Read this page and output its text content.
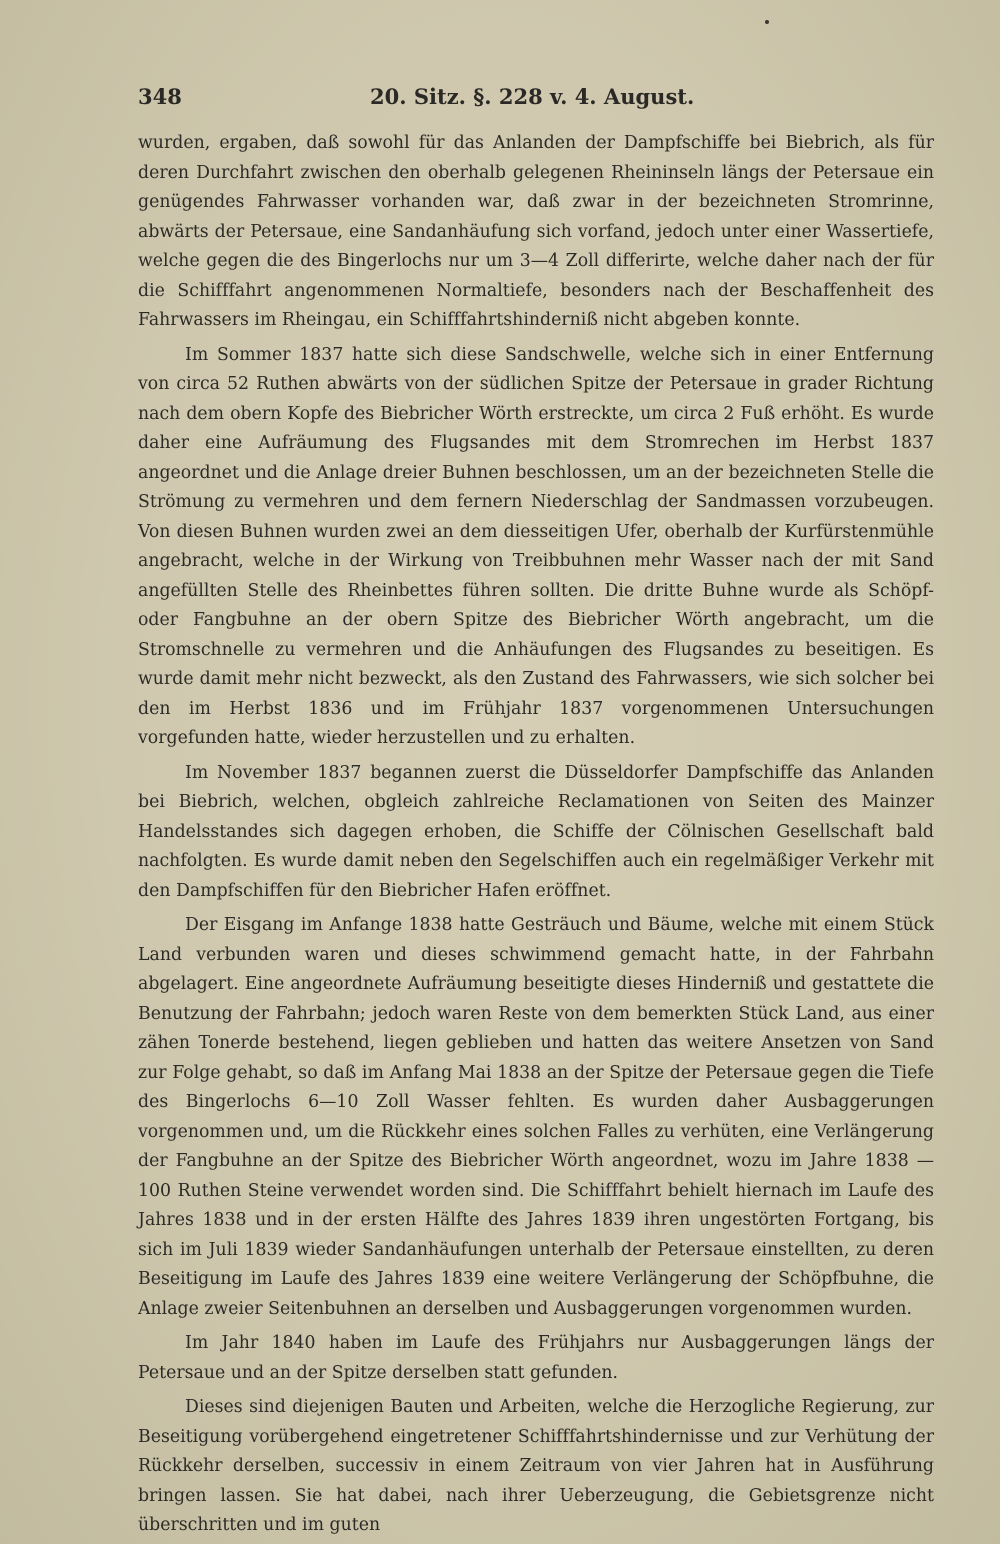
348	20. Sitz. §. 228 v. 4. August.

wurden, ergaben, daß sowohl für das Anlanden der Dampfschiffe bei Biebrich, als für deren Durchfahrt zwischen den oberhalb gelegenen Rheininseln längs der Petersaue ein genügendes Fahrwasser vorhanden war, daß zwar in der bezeichneten Stromrinne, abwärts der Petersaue, eine Sandanhäufung sich vorfand, jedoch unter einer Wassertiefe, welche gegen die des Bingerlochs nur um 3—4 Zoll differirte, welche daher nach der für die Schifffahrt angenommenen Normaltiefe, besonders nach der Beschaffenheit des Fahrwassers im Rheingau, ein Schifffahrtshinderniß nicht abgeben konnte.

Im Sommer 1837 hatte sich diese Sandschwelle, welche sich in einer Entfernung von circa 52 Ruthen abwärts von der südlichen Spitze der Petersaue in grader Richtung nach dem obern Kopfe des Biebricher Wörth erstreckte, um circa 2 Fuß erhöht. Es wurde daher eine Aufräumung des Flugsandes mit dem Stromrechen im Herbst 1837 angeordnet und die Anlage dreier Buhnen beschlossen, um an der bezeichneten Stelle die Strömung zu vermehren und dem fernern Niederschlag der Sandmassen vorzubeugen. Von diesen Buhnen wurden zwei an dem diesseitigen Ufer, oberhalb der Kurfürstenmühle angebracht, welche in der Wirkung von Treibbuhnen mehr Wasser nach der mit Sand angefüllten Stelle des Rheinbettes führen sollten. Die dritte Buhne wurde als Schöpf- oder Fangbuhne an der obern Spitze des Biebricher Wörth angebracht, um die Stromschnelle zu vermehren und die Anhäufungen des Flugsandes zu beseitigen. Es wurde damit mehr nicht bezweckt, als den Zustand des Fahrwassers, wie sich solcher bei den im Herbst 1836 und im Frühjahr 1837 vorgenommenen Untersuchungen vorgefunden hatte, wieder herzustellen und zu erhalten.

Im November 1837 begannen zuerst die Düsseldorfer Dampfschiffe das Anlanden bei Biebrich, welchen, obgleich zahlreiche Reclamationen von Seiten des Mainzer Handelsstandes sich dagegen erhoben, die Schiffe der Cölnischen Gesellschaft bald nachfolgten. Es wurde damit neben den Segelschiffen auch ein regelmäßiger Verkehr mit den Dampfschiffen für den Biebricher Hafen eröffnet.

Der Eisgang im Anfange 1838 hatte Gesträuch und Bäume, welche mit einem Stück Land verbunden waren und dieses schwimmend gemacht hatte, in der Fahrbahn abgelagert. Eine angeordnete Aufräumung beseitigte dieses Hinderniß und gestattete die Benutzung der Fahrbahn; jedoch waren Reste von dem bemerkten Stück Land, aus einer zähen Tonerde bestehend, liegen geblieben und hatten das weitere Ansetzen von Sand zur Folge gehabt, so daß im Anfang Mai 1838 an der Spitze der Petersaue gegen die Tiefe des Bingerlochs 6—10 Zoll Wasser fehlten. Es wurden daher Ausbaggerungen vorgenommen und, um die Rückkehr eines solchen Falles zu verhüten, eine Verlängerung der Fangbuhne an der Spitze des Biebricher Wörth angeordnet, wozu im Jahre 1838 — 100 Ruthen Steine verwendet worden sind. Die Schifffahrt behielt hiernach im Laufe des Jahres 1838 und in der ersten Hälfte des Jahres 1839 ihren ungestörten Fortgang, bis sich im Juli 1839 wieder Sandanhäufungen unterhalb der Petersaue einstellten, zu deren Beseitigung im Laufe des Jahres 1839 eine weitere Verlängerung der Schöpfbuhne, die Anlage zweier Seitenbuhnen an derselben und Ausbaggerungen vorgenommen wurden.

Im Jahr 1840 haben im Laufe des Frühjahrs nur Ausbaggerungen längs der Petersaue und an der Spitze derselben statt gefunden.

Dieses sind diejenigen Bauten und Arbeiten, welche die Herzogliche Regierung, zur Beseitigung vorübergehend eingetretener Schifffahrtshindernisse und zur Verhütung der Rückkehr derselben, successiv in einem Zeitraum von vier Jahren hat in Ausführung bringen lassen. Sie hat dabei, nach ihrer Ueberzeugung, die Gebietsgrenze nicht überschritten und im guten
